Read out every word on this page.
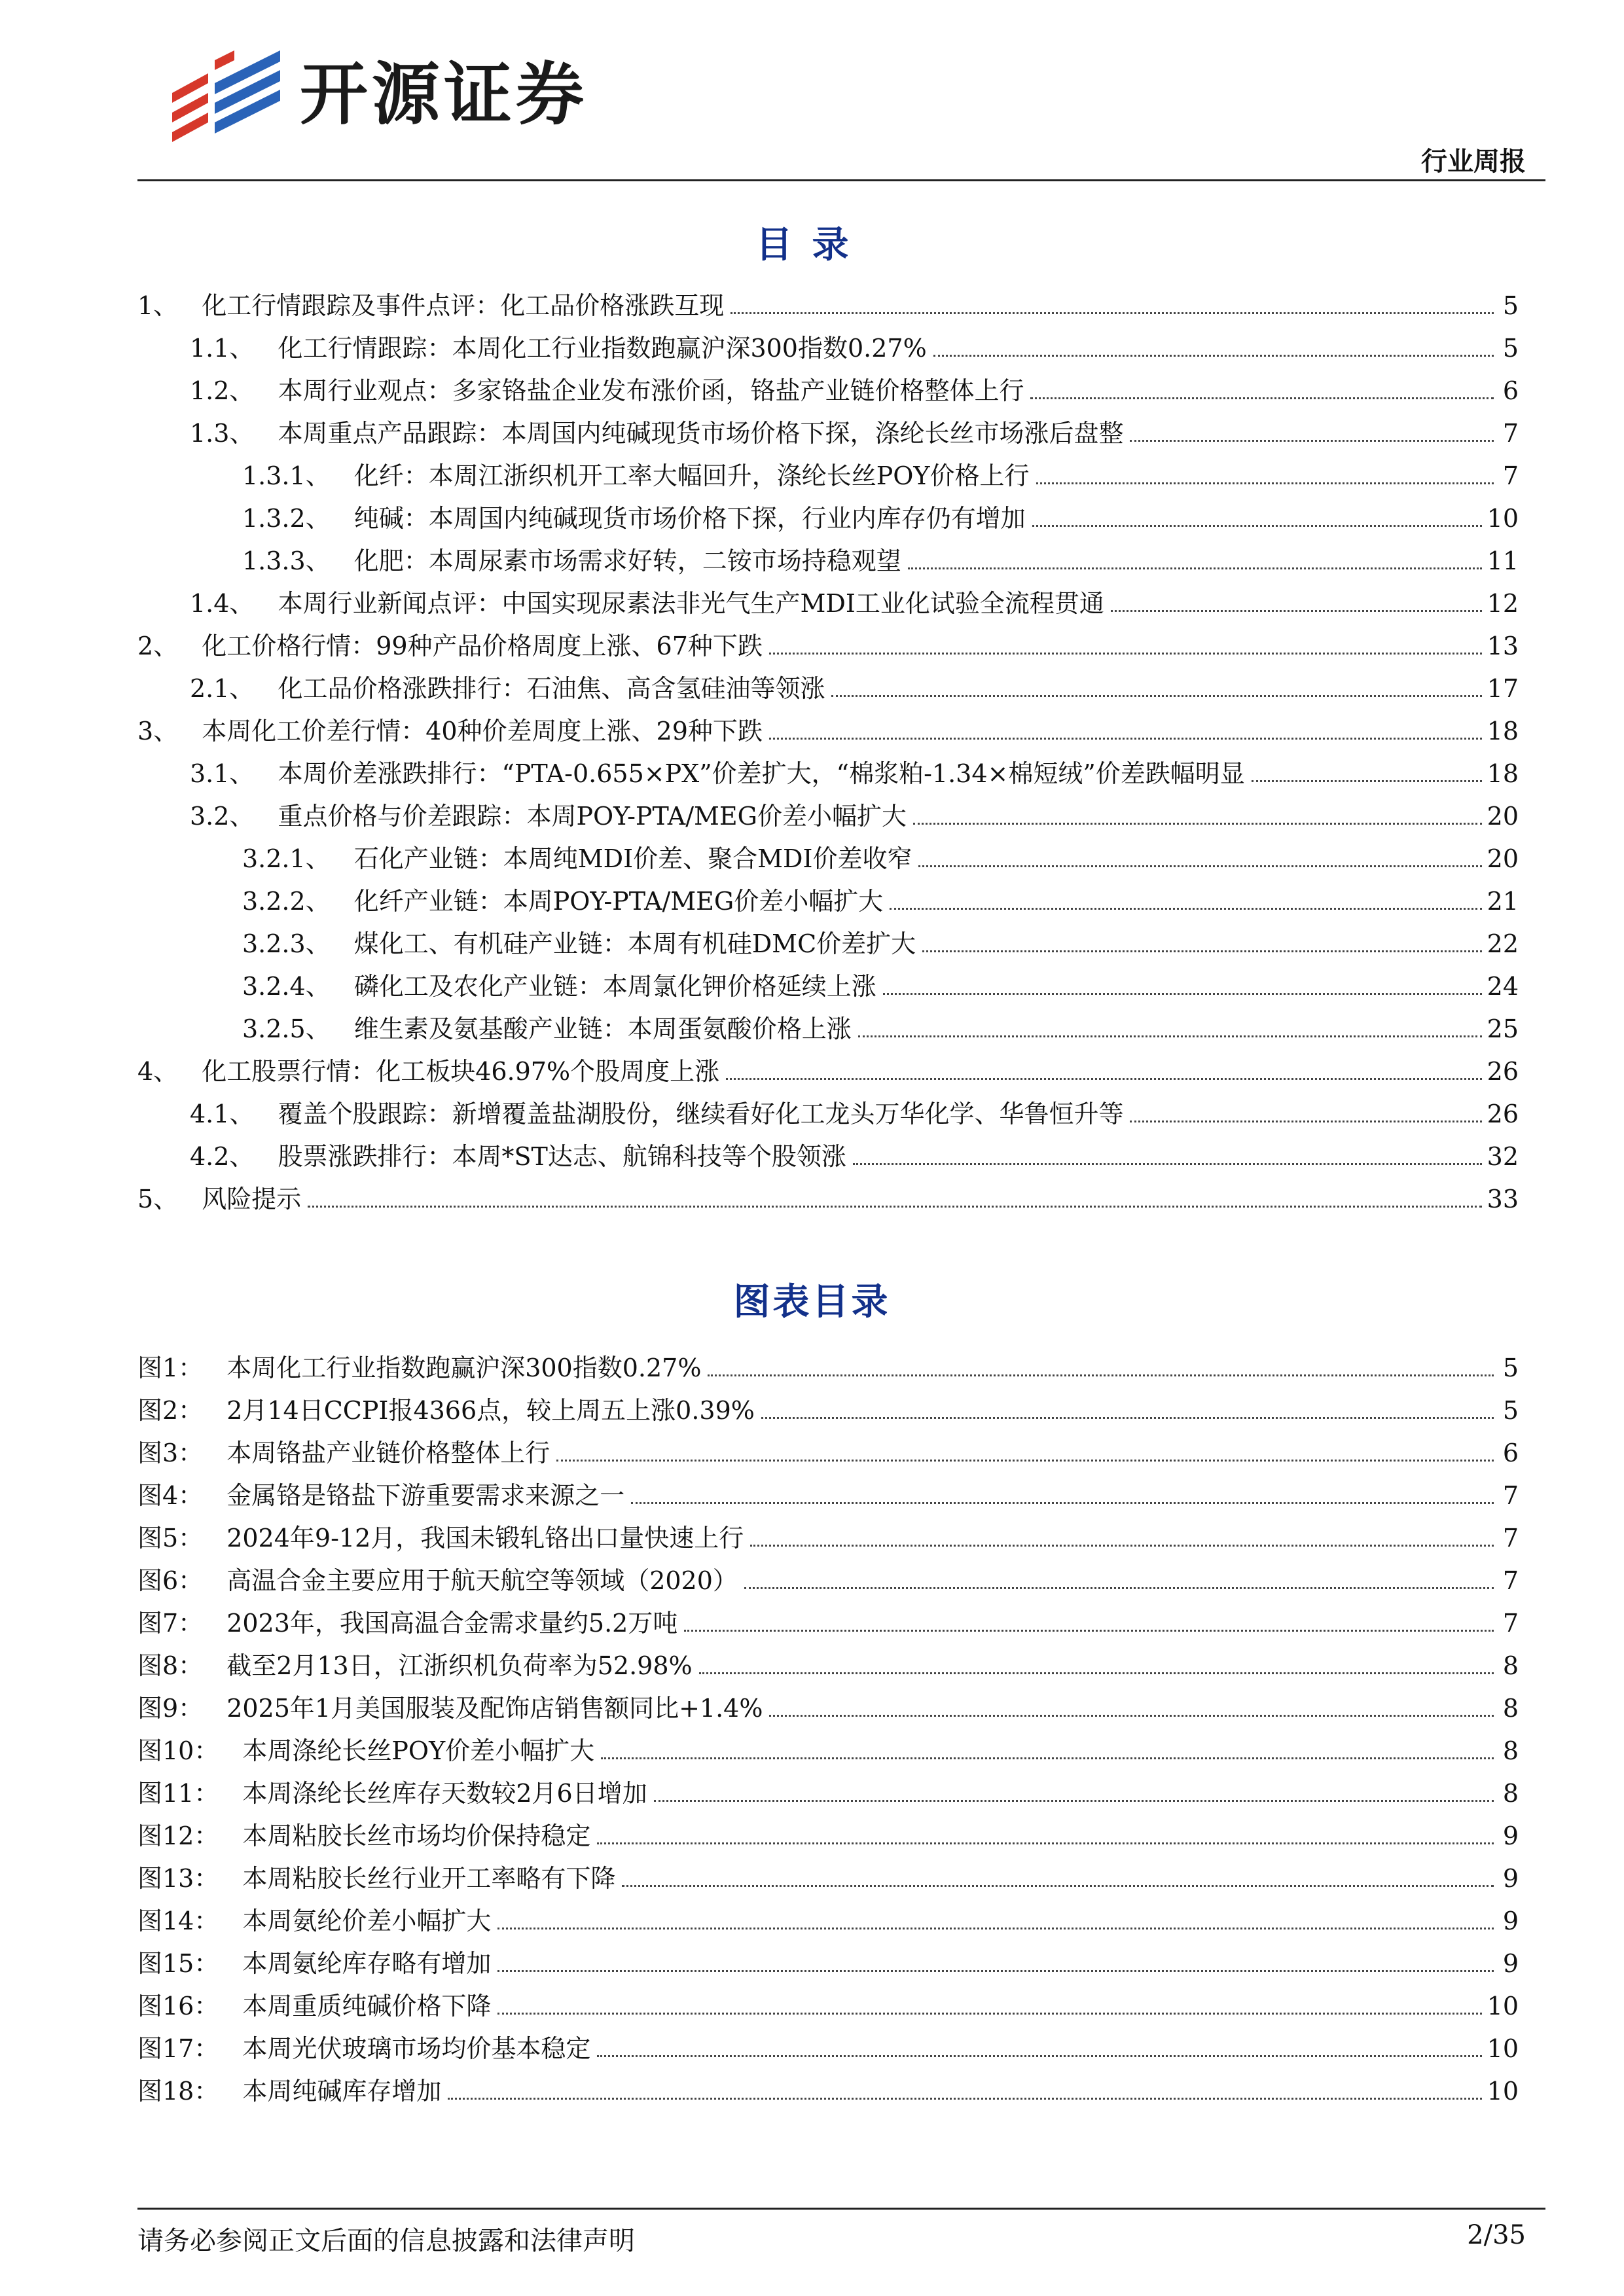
开源证券
行业周报
目录
1、 化工行情跟踪及事件点评：化工品价格涨跌互现	5
1.1、 化工行情跟踪：本周化工行业指数跑赢沪深300指数0.27%	5
1.2、 本周行业观点：多家铬盐企业发布涨价函，铬盐产业链价格整体上行	6
1.3、 本周重点产品跟踪：本周国内纯碱现货市场价格下探，涤纶长丝市场涨后盘整	7
1.3.1、 化纤：本周江浙织机开工率大幅回升，涤纶长丝POY价格上行	7
1.3.2、 纯碱：本周国内纯碱现货市场价格下探，行业内库存仍有增加	10
1.3.3、 化肥：本周尿素市场需求好转，二铵市场持稳观望	11
1.4、 本周行业新闻点评：中国实现尿素法非光气生产MDI工业化试验全流程贯通	12
2、 化工价格行情：99种产品价格周度上涨、67种下跌	13
2.1、 化工品价格涨跌排行：石油焦、高含氢硅油等领涨	17
3、 本周化工价差行情：40种价差周度上涨、29种下跌	18
3.1、 本周价差涨跌排行：“PTA-0.655×PX”价差扩大，“棉浆粕-1.34×棉短绒”价差跌幅明显	18
3.2、 重点价格与价差跟踪：本周POY-PTA/MEG价差小幅扩大	20
3.2.1、 石化产业链：本周纯MDI价差、聚合MDI价差收窄	20
3.2.2、 化纤产业链：本周POY-PTA/MEG价差小幅扩大	21
3.2.3、 煤化工、有机硅产业链：本周有机硅DMC价差扩大	22
3.2.4、 磷化工及农化产业链：本周氯化钾价格延续上涨	24
3.2.5、 维生素及氨基酸产业链：本周蛋氨酸价格上涨	25
4、 化工股票行情：化工板块46.97%个股周度上涨	26
4.1、 覆盖个股跟踪：新增覆盖盐湖股份，继续看好化工龙头万华化学、华鲁恒升等	26
4.2、 股票涨跌排行：本周*ST达志、航锦科技等个股领涨	32
5、 风险提示	33
图表目录
图1： 本周化工行业指数跑赢沪深300指数0.27%	5
图2： 2月14日CCPI报4366点，较上周五上涨0.39%	5
图3： 本周铬盐产业链价格整体上行	6
图4： 金属铬是铬盐下游重要需求来源之一	7
图5： 2024年9-12月，我国未锻轧铬出口量快速上行	7
图6： 高温合金主要应用于航天航空等领域（2020）	7
图7： 2023年，我国高温合金需求量约5.2万吨	7
图8： 截至2月13日，江浙织机负荷率为52.98%	8
图9： 2025年1月美国服装及配饰店销售额同比+1.4%	8
图10： 本周涤纶长丝POY价差小幅扩大	8
图11： 本周涤纶长丝库存天数较2月6日增加	8
图12： 本周粘胶长丝市场均价保持稳定	9
图13： 本周粘胶长丝行业开工率略有下降	9
图14： 本周氨纶价差小幅扩大	9
图15： 本周氨纶库存略有增加	9
图16： 本周重质纯碱价格下降	10
图17： 本周光伏玻璃市场均价基本稳定	10
图18： 本周纯碱库存增加	10
请务必参阅正文后面的信息披露和法律声明	2/35
